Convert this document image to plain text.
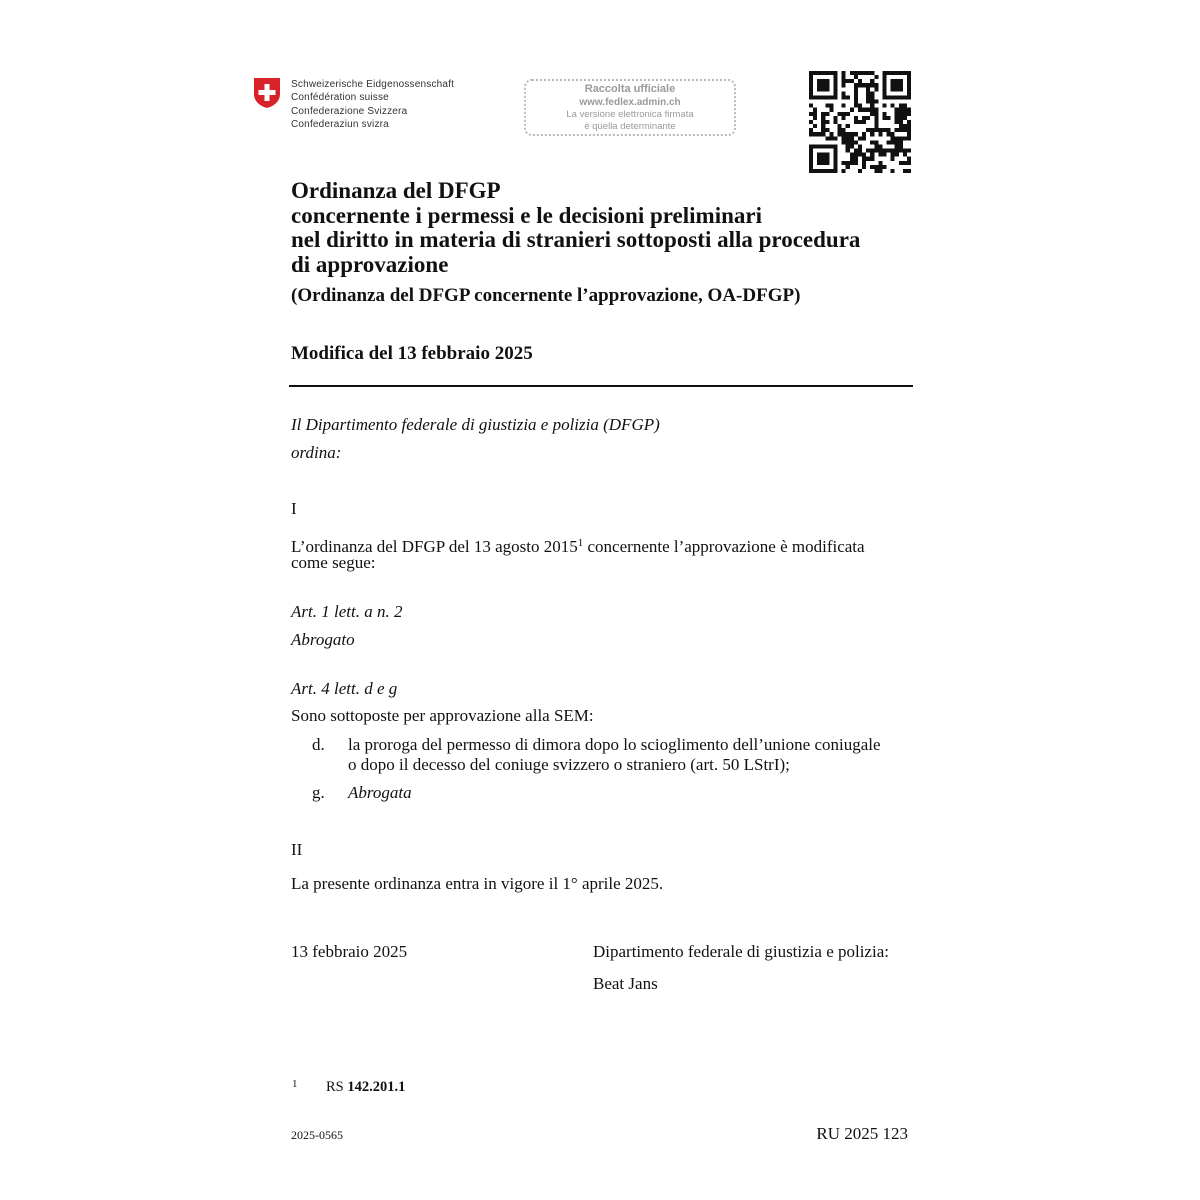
Schweizerische Eidgenossenschaft
Confédération suisse
Confederazione Svizzera
Confederaziun svizra
Raccolta ufficiale
www.fedlex.admin.ch
La versione elettronica firmata
è quella determinante
Ordinanza del DFGP
concernente i permessi e le decisioni preliminari
nel diritto in materia di stranieri sottoposti alla procedura
di approvazione
(Ordinanza del DFGP concernente l’approvazione, OA-DFGP)
Modifica del 13 febbraio 2025
Il Dipartimento federale di giustizia e polizia (DFGP)
ordina:
I
L’ordinanza del DFGP del 13 agosto 2015$^1$ concernente l’approvazione è modificata
come segue:
Art. 1 lett. a n. 2
Abrogato
Art. 4 lett. d e g
Sono sottoposte per approvazione alla SEM:
d. la proroga del permesso di dimora dopo lo scioglimento dell’unione coniugale
o dopo il decesso del coniuge svizzero o straniero (art. 50 LStrI);
g. Abrogata
II
La presente ordinanza entra in vigore il 1° aprile 2025.
13 febbraio 2025	Dipartimento federale di giustizia e polizia:
Beat Jans
1 RS 142.201.1
2025-0565	RU 2025 123
